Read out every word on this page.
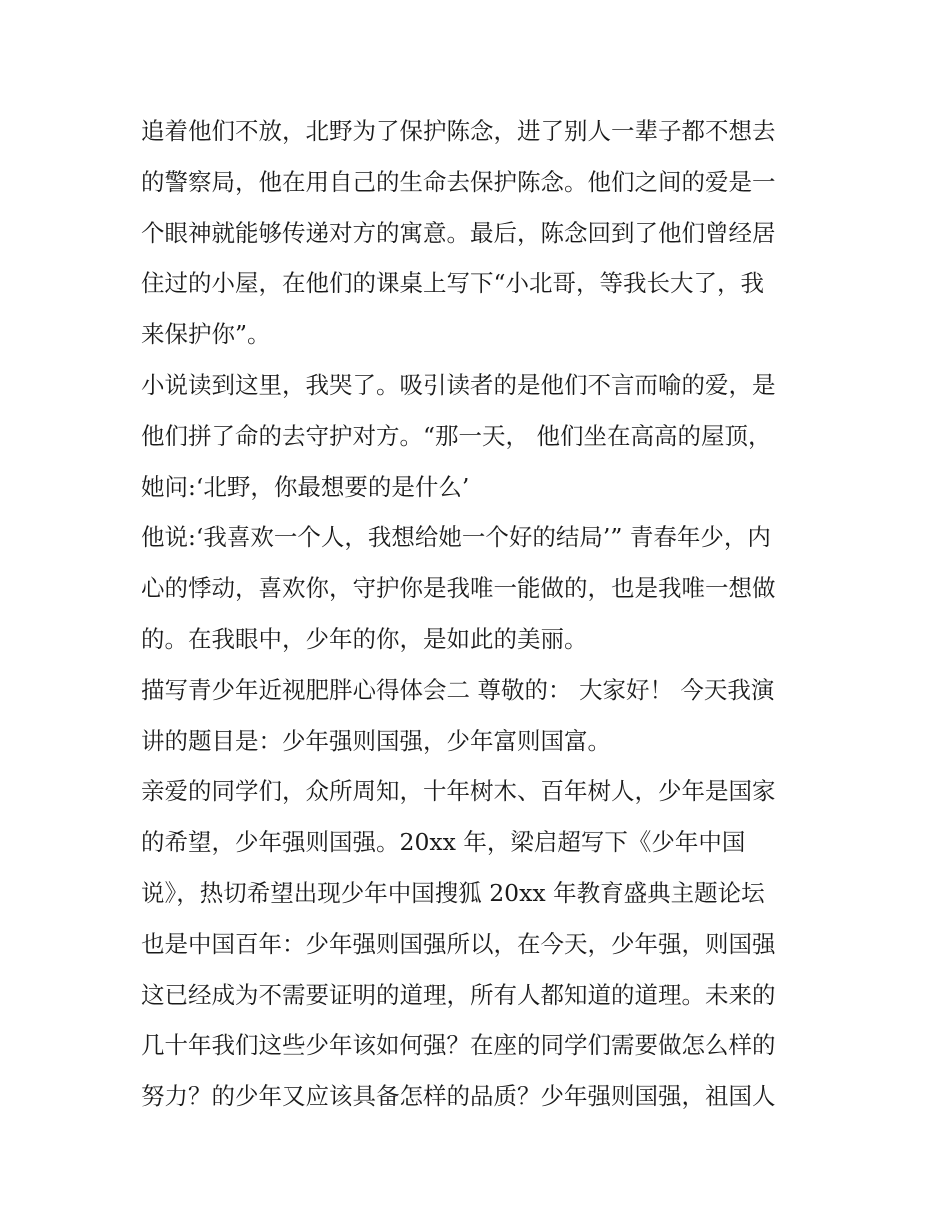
追着他们不放，北野为了保护陈念，进了别人一辈子都不想去
的警察局，他在用自己的生命去保护陈念。他们之间的爱是一
个眼神就能够传递对方的寓意。最后，陈念回到了他们曾经居
住过的小屋，在他们的课桌上写下“小北哥，等我长大了，我
来保护你”。
小说读到这里，我哭了。吸引读者的是他们不言而喻的爱，是
他们拼了命的去守护对方。“那一天， 他们坐在高高的屋顶，
她问:‘北野，你最想要的是什么’
他说:‘我喜欢一个人，我想给她一个好的结局’” 青春年少，内
心的悸动，喜欢你，守护你是我唯一能做的，也是我唯一想做
的。在我眼中，少年的你，是如此的美丽。
描写青少年近视肥胖心得体会二 尊敬的： 大家好！ 今天我演
讲的题目是：少年强则国强，少年富则国富。
亲爱的同学们，众所周知，十年树木、百年树人，少年是国家
的希望，少年强则国强。20xx 年，梁启超写下《少年中国
说》，热切希望出现少年中国搜狐 20xx 年教育盛典主题论坛
也是中国百年：少年强则国强所以，在今天，少年强，则国强
这已经成为不需要证明的道理，所有人都知道的道理。未来的
几十年我们这些少年该如何强？在座的同学们需要做怎么样的
努力？的少年又应该具备怎样的品质？少年强则国强，祖国人
